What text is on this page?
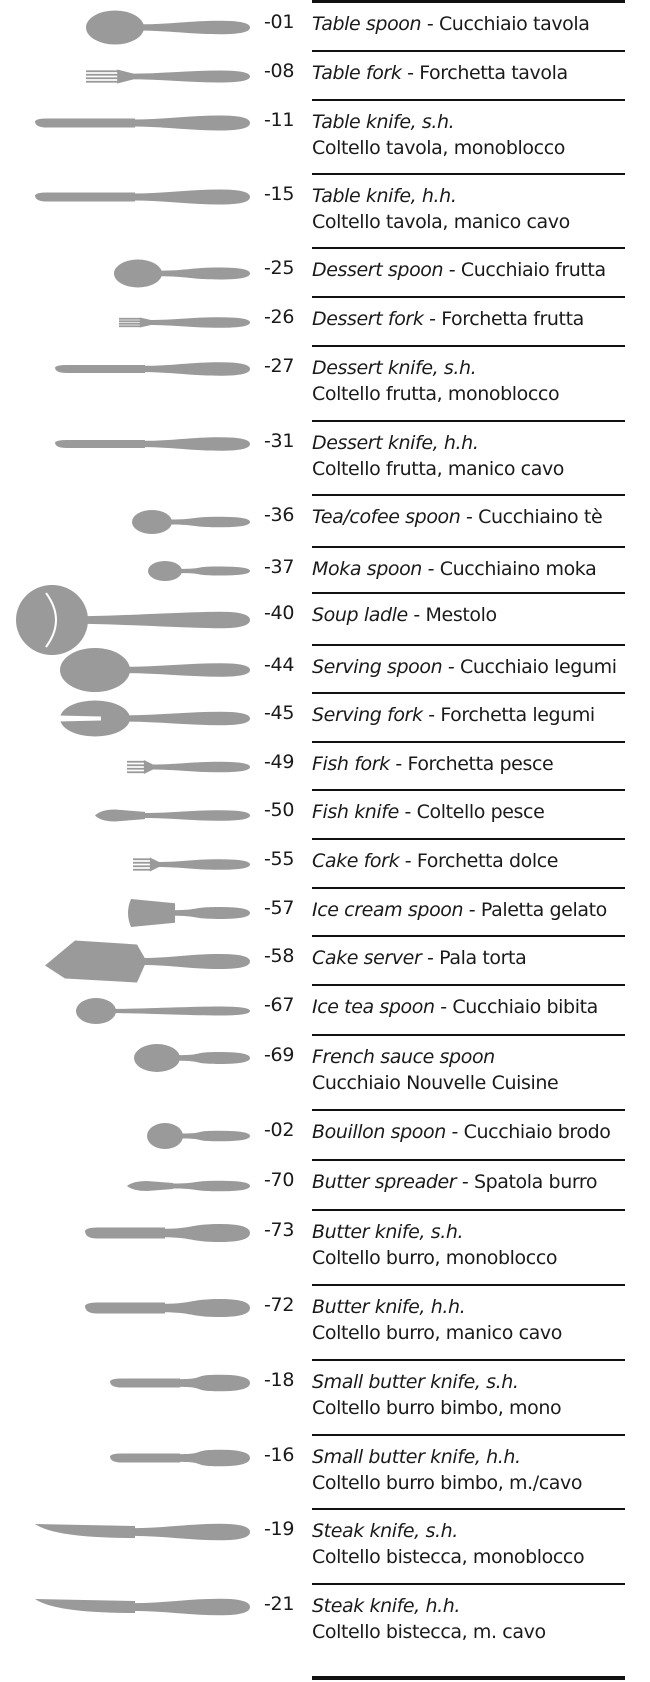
-01 Table spoon - Cucchiaio tavola
-08 Table fork - Forchetta tavola
-11 Table knife, s.h.
Coltello tavola, monoblocco
-15 Table knife, h.h.
Coltello tavola, manico cavo
-25 Dessert spoon - Cucchiaio frutta
-26 Dessert fork - Forchetta frutta
-27 Dessert knife, s.h.
Coltello frutta, monoblocco
-31 Dessert knife, h.h.
Coltello frutta, manico cavo
-36 Tea/cofee spoon - Cucchiaino tè
-37 Moka spoon - Cucchiaino moka
-40 Soup ladle - Mestolo
-44 Serving spoon - Cucchiaio legumi
-45 Serving fork - Forchetta legumi
-49 Fish fork - Forchetta pesce
-50 Fish knife - Coltello pesce
-55 Cake fork - Forchetta dolce
-57 Ice cream spoon - Paletta gelato
-58 Cake server - Pala torta
-67 Ice tea spoon - Cucchiaio bibita
-69 French sauce spoon
Cucchiaio Nouvelle Cuisine
-02 Bouillon spoon - Cucchiaio brodo
-70 Butter spreader - Spatola burro
-73 Butter knife, s.h.
Coltello burro, monoblocco
-72 Butter knife, h.h.
Coltello burro, manico cavo
-18 Small butter knife, s.h.
Coltello burro bimbo, mono
-16 Small butter knife, h.h.
Coltello burro bimbo, m./cavo
-19 Steak knife, s.h.
Coltello bistecca, monoblocco
-21 Steak knife, h.h.
Coltello bistecca, m. cavo
